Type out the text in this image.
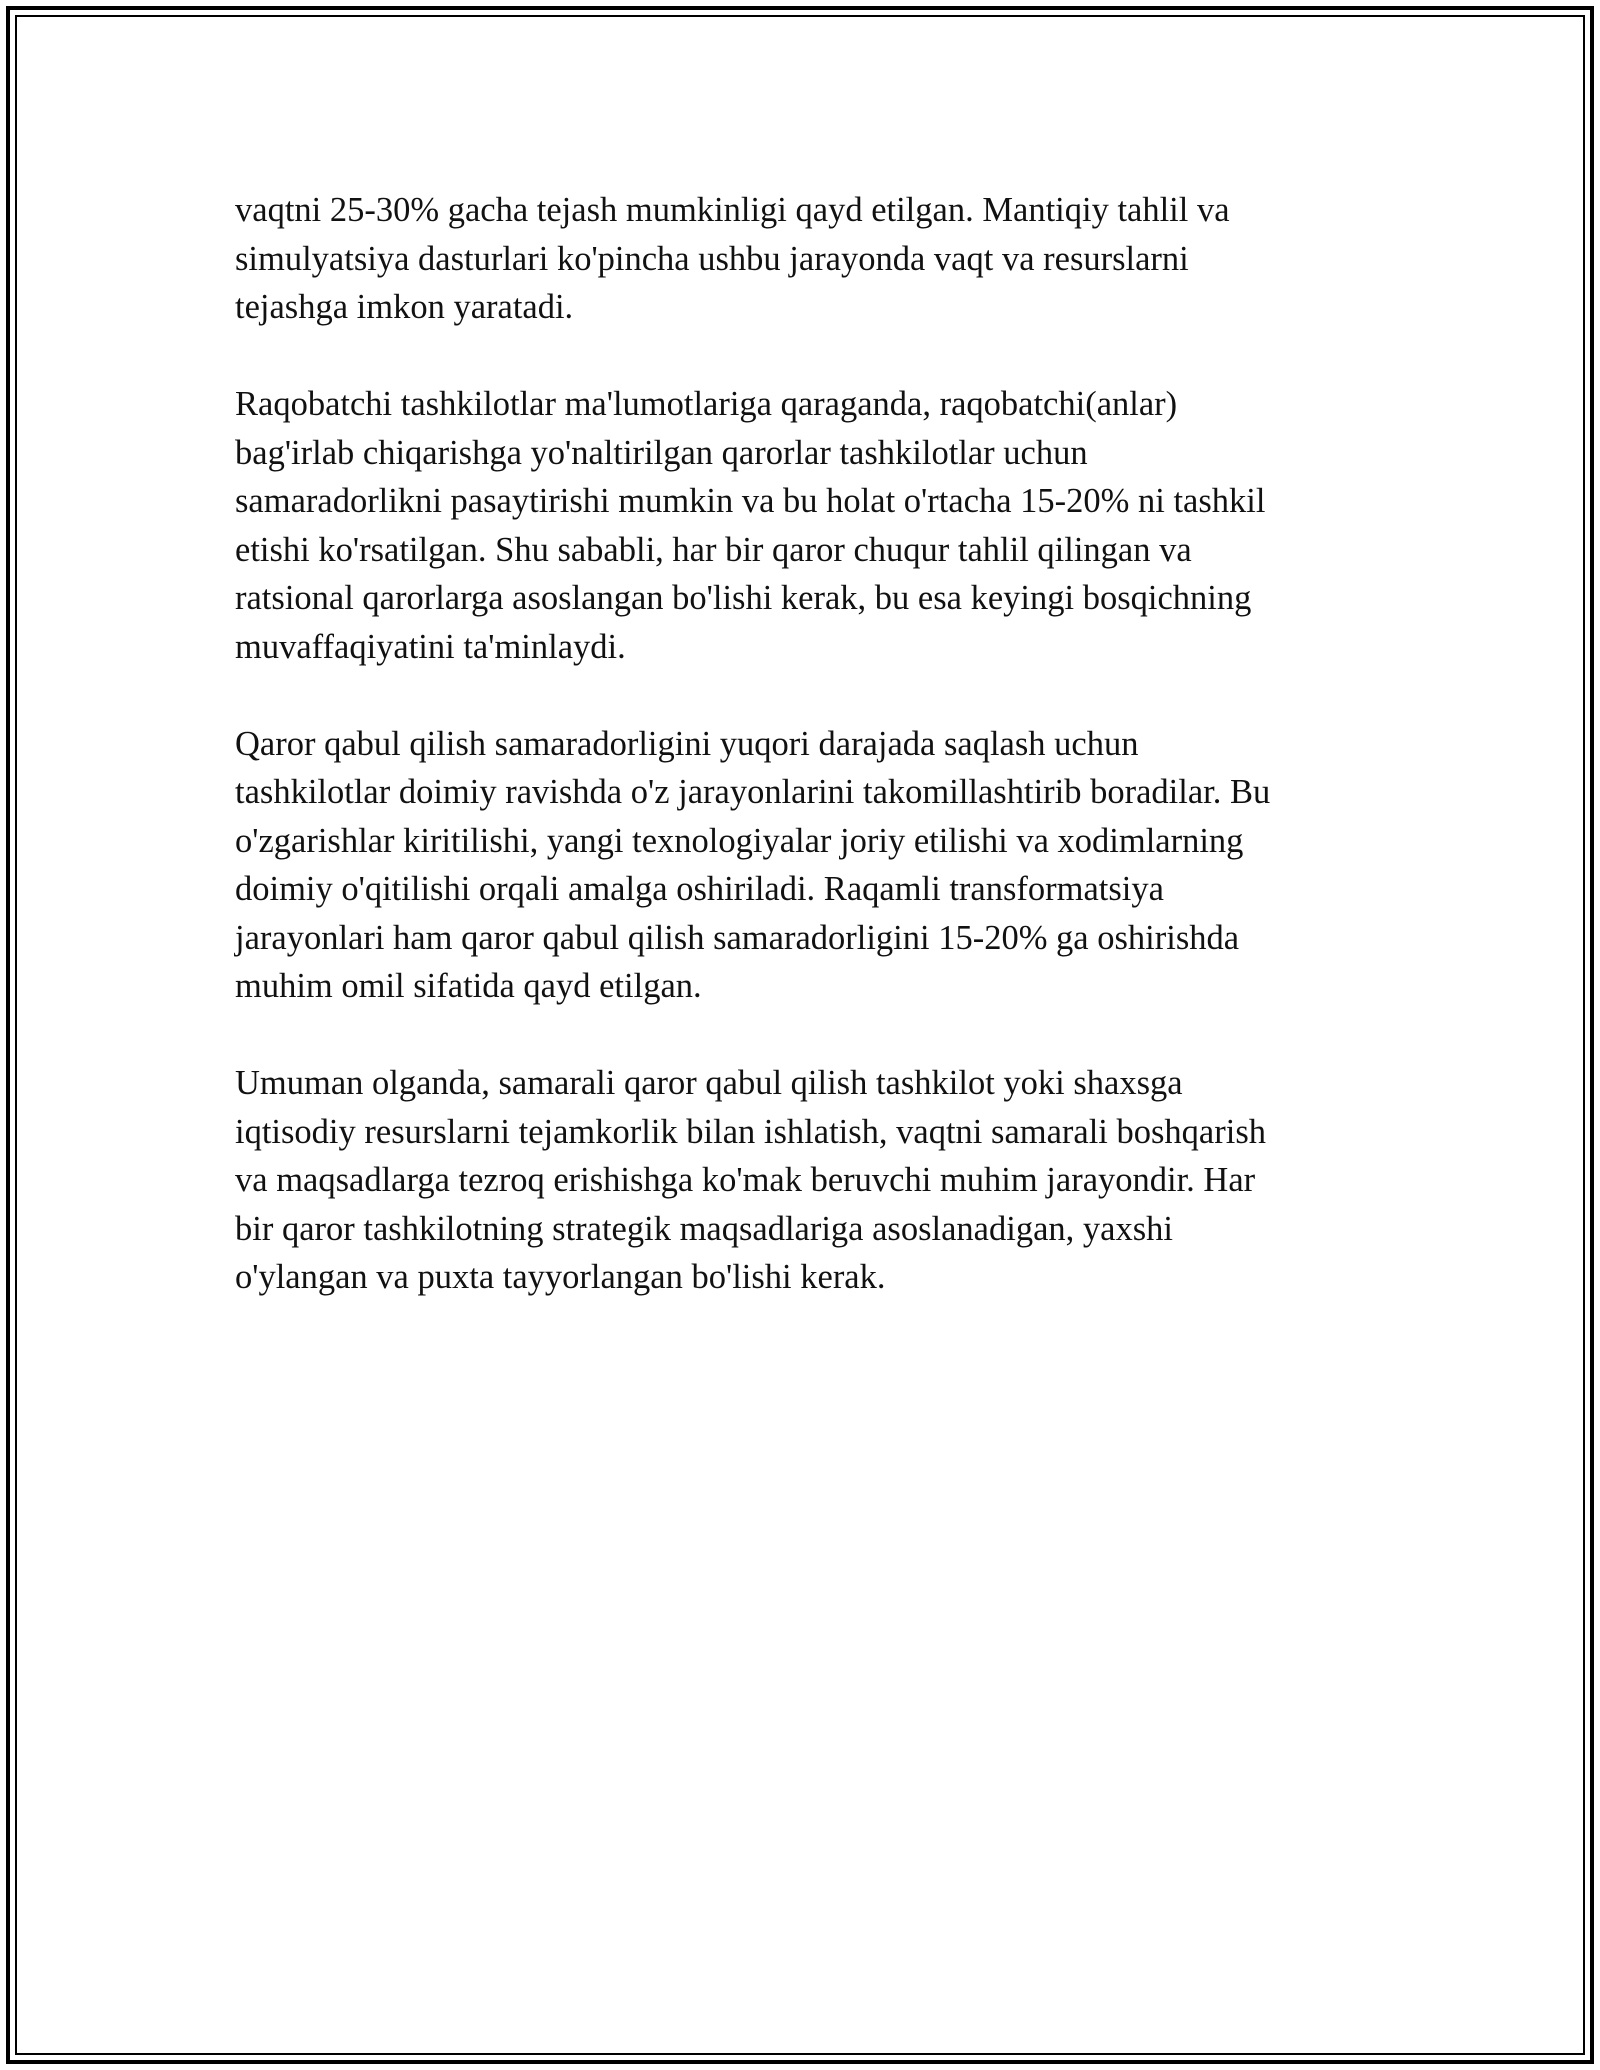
vaqtni 25-30% gacha tejash mumkinligi qayd etilgan. Mantiqiy tahlil va
simulyatsiya dasturlari ko'pincha ushbu jarayonda vaqt va resurslarni
tejashga imkon yaratadi.

Raqobatchi tashkilotlar ma'lumotlariga qaraganda, raqobatchi(anlar)
bag'irlab chiqarishga yo'naltirilgan qarorlar tashkilotlar uchun
samaradorlikni pasaytirishi mumkin va bu holat o'rtacha 15-20% ni tashkil
etishi ko'rsatilgan. Shu sababli, har bir qaror chuqur tahlil qilingan va
ratsional qarorlarga asoslangan bo'lishi kerak, bu esa keyingi bosqichning
muvaffaqiyatini ta'minlaydi.

Qaror qabul qilish samaradorligini yuqori darajada saqlash uchun
tashkilotlar doimiy ravishda o'z jarayonlarini takomillashtirib boradilar. Bu
o'zgarishlar kiritilishi, yangi texnologiyalar joriy etilishi va xodimlarning
doimiy o'qitilishi orqali amalga oshiriladi. Raqamli transformatsiya
jarayonlari ham qaror qabul qilish samaradorligini 15-20% ga oshirishda
muhim omil sifatida qayd etilgan.

Umuman olganda, samarali qaror qabul qilish tashkilot yoki shaxsga
iqtisodiy resurslarni tejamkorlik bilan ishlatish, vaqtni samarali boshqarish
va maqsadlarga tezroq erishishga ko'mak beruvchi muhim jarayondir. Har
bir qaror tashkilotning strategik maqsadlariga asoslanadigan, yaxshi
o'ylangan va puxta tayyorlangan bo'lishi kerak.
